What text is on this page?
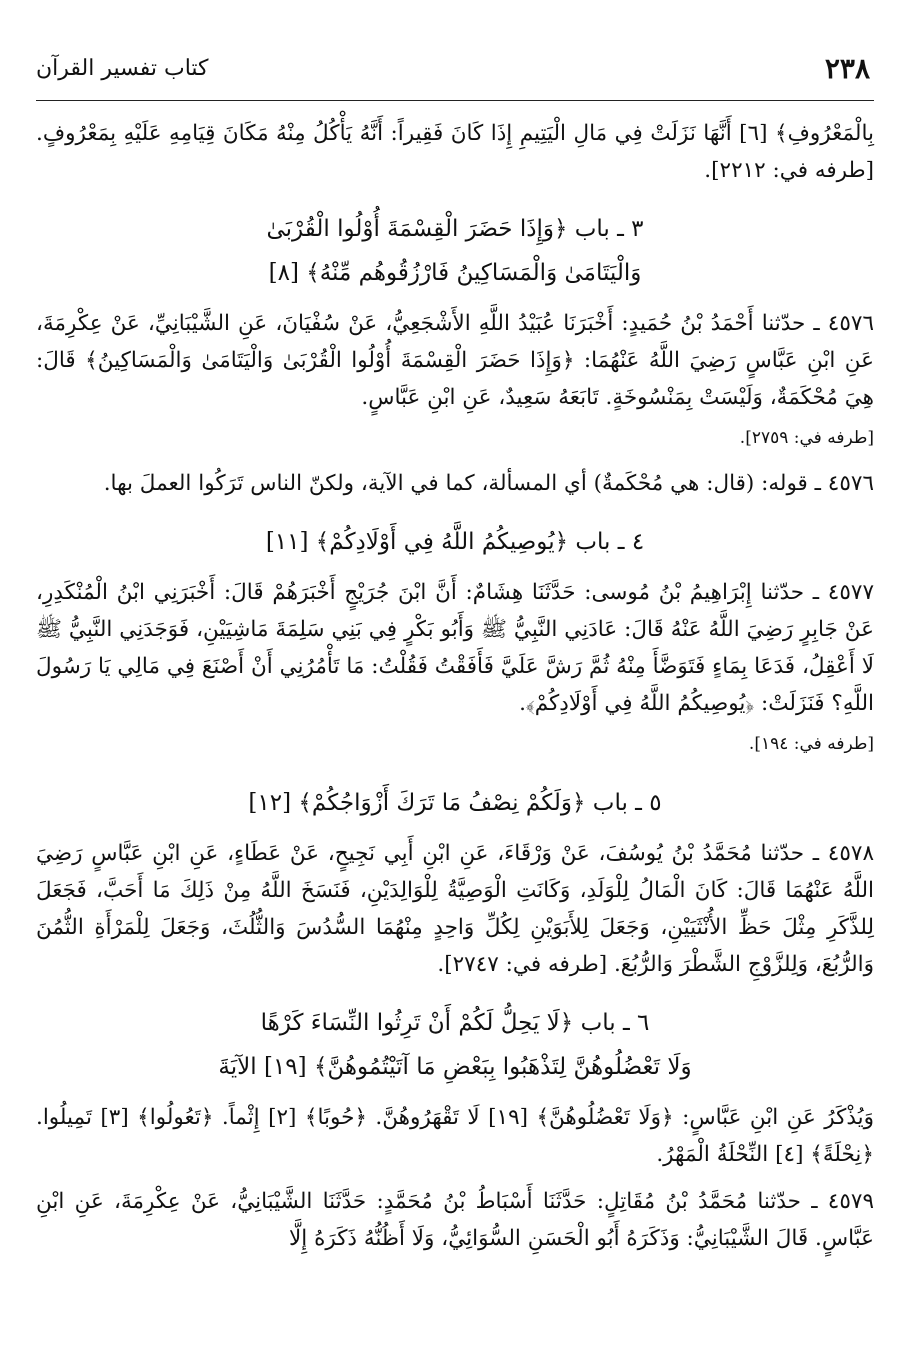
٢٣٨
كتاب تفسير القرآن

بِالْمَعْرُوفِ﴾ [٦] أَنَّهَا نَزَلَتْ فِي مَالِ الْيَتِيمِ إِذَا كَانَ فَقِيراً: أَنَّهُ يَأْكُلُ مِنْهُ مَكَانَ قِيَامِهِ عَلَيْهِ بِمَعْرُوفٍ. [طرفه في: ٢٢١٢].

٣ ـ باب ﴿وَإِذَا حَضَرَ الْقِسْمَةَ أُوْلُوا الْقُرْبَىٰ
وَالْيَتَامَىٰ وَالْمَسَاكِينُ فَارْزُقُوهُم مِّنْهُ﴾ [٨]

٤٥٧٦ ـ حدّثنا أَحْمَدُ بْنُ حُمَيدٍ: أَخْبَرَنَا عُبَيْدُ اللَّهِ الأَشْجَعِيُّ، عَنْ سُفْيَانَ، عَنِ الشَّيْبَانِيِّ، عَنْ عِكْرِمَةَ، عَنِ ابْنِ عَبَّاسٍ رَضِيَ اللَّهُ عَنْهُمَا: ﴿وَإِذَا حَضَرَ الْقِسْمَةَ أُوْلُوا الْقُرْبَىٰ وَالْيَتَامَىٰ وَالْمَسَاكِينُ﴾ قَالَ: هِيَ مُحْكَمَةٌ، وَلَيْسَتْ بِمَنْسُوخَةٍ. تَابَعَهُ سَعِيدٌ، عَنِ ابْنِ عَبَّاسٍ.

[طرفه في: ٢٧٥٩].

٤٥٧٦ ـ قوله: (قال: هي مُحْكَمةٌ) أي المسألة، كما في الآية، ولكنّ الناس تَرَكُوا العملَ بها.

٤ ـ باب ﴿يُوصِيكُمُ اللَّهُ فِي أَوْلَادِكُمْ﴾ [١١]

٤٥٧٧ ـ حدّثنا إِبْرَاهِيمُ بْنُ مُوسى: حَدَّثَنَا هِشَامٌ: أَنَّ ابْنَ جُرَيْجٍ أَخْبَرَهُمْ قَالَ: أَخْبَرَنِي ابْنُ الْمُنْكَدِرِ، عَنْ جَابِرٍ رَضِيَ اللَّهُ عَنْهُ قَالَ: عَادَنِي النَّبِيُّ ﷺ وَأَبُو بَكْرٍ فِي بَنِي سَلِمَةَ مَاشِيَيْنِ، فَوَجَدَنِي النَّبِيُّ ﷺ لَا أَعْقِلُ، فَدَعَا بِمَاءٍ فَتَوَضَّأَ مِنْهُ ثُمَّ رَشَّ عَلَيَّ فَأَفَقْتُ فَقُلْتُ: مَا تَأْمُرُنِي أَنْ أَصْنَعَ فِي مَالِي يَا رَسُولَ اللَّهِ؟ فَنَزَلَتْ: ﴿يُوصِيكُمُ اللَّهُ فِي أَوْلَادِكُمْ﴾.

[طرفه في: ١٩٤].

٥ ـ باب ﴿وَلَكُمْ نِصْفُ مَا تَرَكَ أَزْوَاجُكُمْ﴾ [١٢]

٤٥٧٨ ـ حدّثنا مُحَمَّدُ بْنُ يُوسُفَ، عَنْ وَرْقَاءَ، عَنِ ابْنِ أَبِي نَجِيحٍ، عَنْ عَطَاءٍ، عَنِ ابْنِ عَبَّاسٍ رَضِيَ اللَّهُ عَنْهُمَا قَالَ: كَانَ الْمَالُ لِلْوَلَدِ، وَكَانَتِ الْوَصِيَّةُ لِلْوَالِدَيْنِ، فَنَسَخَ اللَّهُ مِنْ ذَلِكَ مَا أَحَبَّ، فَجَعَلَ لِلذَّكَرِ مِثْلَ حَظِّ الأُنْثَيَيْنِ، وَجَعَلَ لِلأَبَوَيْنِ لِكُلِّ وَاحِدٍ مِنْهُمَا السُّدُسَ وَالثُّلُثَ، وَجَعَلَ لِلْمَرْأَةِ الثُّمُنَ وَالرُّبُعَ، وَلِلزَّوْجِ الشَّطْرَ وَالرُّبُعَ. [طرفه في: ٢٧٤٧].

٦ ـ باب ﴿لَا يَحِلُّ لَكُمْ أَنْ تَرِثُوا النِّسَاءَ كَرْهًا
وَلَا تَعْضُلُوهُنَّ لِتَذْهَبُوا بِبَعْضِ مَا آتَيْتُمُوهُنَّ﴾ [١٩] الآيَةَ

وَيُذْكَرُ عَنِ ابْنِ عَبَّاسٍ: ﴿وَلَا تَعْضُلُوهُنَّ﴾ [١٩] لَا تَقْهَرُوهُنَّ. ﴿حُوبًا﴾ [٢] إِثْماً. ﴿تَعُولُوا﴾ [٣] تَمِيلُوا. ﴿نِحْلَةً﴾ [٤] النِّحْلَةُ الْمَهْرُ.

٤٥٧٩ ـ حدّثنا مُحَمَّدُ بْنُ مُقَاتِلٍ: حَدَّثَنَا أَسْبَاطُ بْنُ مُحَمَّدٍ: حَدَّثَنَا الشَّيْبَانِيُّ، عَنْ عِكْرِمَةَ، عَنِ ابْنِ عَبَّاسٍ. قَالَ الشَّيْبَانِيُّ: وَذَكَرَهُ أَبُو الْحَسَنِ السُّوَائِيُّ، وَلَا أَظُنُّهُ ذَكَرَهُ إِلَّا
